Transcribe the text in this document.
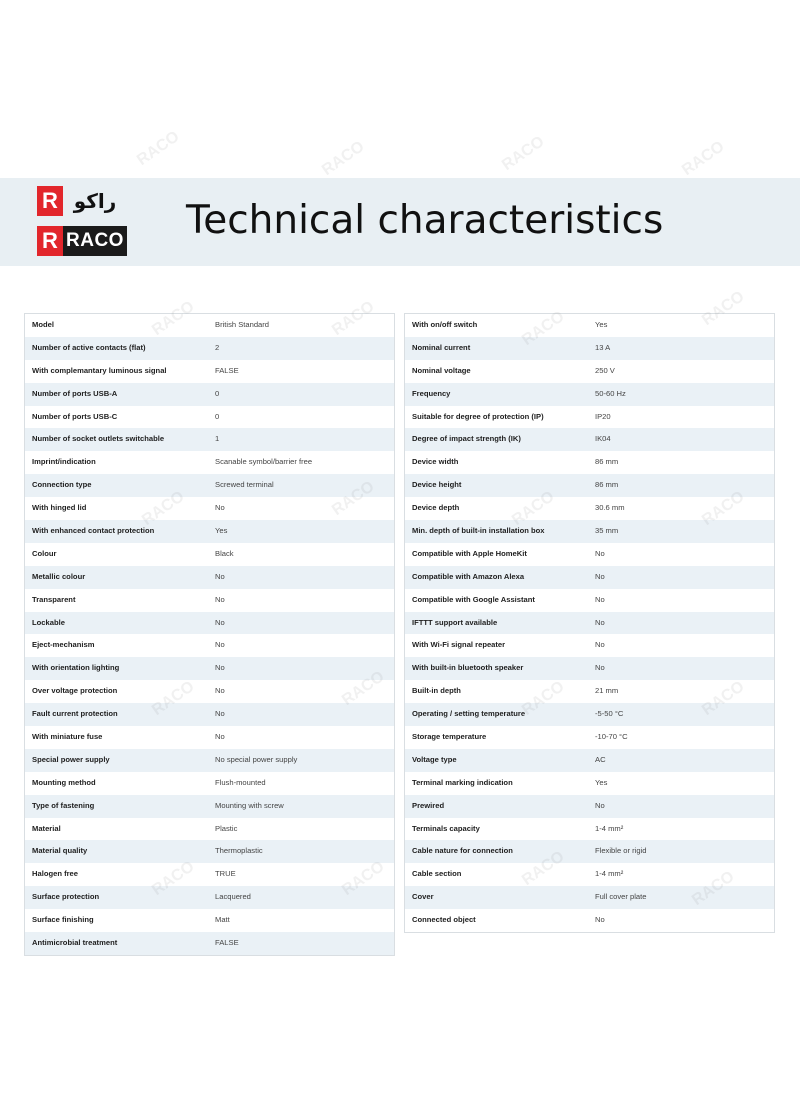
R راكو
R RACO Technical characteristics
Model	British Standard
Number of active contacts (flat)	2
With complemantary luminous signal	FALSE
Number of ports USB-A	0
Number of ports USB-C	0
Number of socket outlets switchable	1
Imprint/indication	Scanable symbol/barrier free
Connection type	Screwed terminal
With hinged lid	No
With enhanced contact protection	Yes
Colour	Black
Metallic colour	No
Transparent	No
Lockable	No
Eject-mechanism	No
With orientation lighting	No
Over voltage protection	No
Fault current protection	No
With miniature fuse	No
Special power supply	No special power supply
Mounting method	Flush-mounted
Type of fastening	Mounting with screw
Material	Plastic
Material quality	Thermoplastic
Halogen free	TRUE
Surface protection	Lacquered
Surface finishing	Matt
Antimicrobial treatment	FALSE
With on/off switch	Yes
Nominal current	13 A
Nominal voltage	250 V
Frequency	50-60 Hz
Suitable for degree of protection (IP)	IP20
Degree of impact strength (IK)	IK04
Device width	86 mm
Device height	86 mm
Device depth	30.6 mm
Min. depth of built-in installation box	35 mm
Compatible with Apple HomeKit	No
Compatible with Amazon Alexa	No
Compatible with Google Assistant	No
IFTTT support available	No
With Wi-Fi signal repeater	No
With built-in bluetooth speaker	No
Built-in depth	21 mm
Operating / setting temperature	-5-50 °C
Storage temperature	-10-70 °C
Voltage type	AC
Terminal marking indication	Yes
Prewired	No
Terminals capacity	1-4 mm²
Cable nature for connection	Flexible or rigid
Cable section	1-4 mm²
Cover	Full cover plate
Connected object	No
RACO	RACO	RACO	RACO
RACO
